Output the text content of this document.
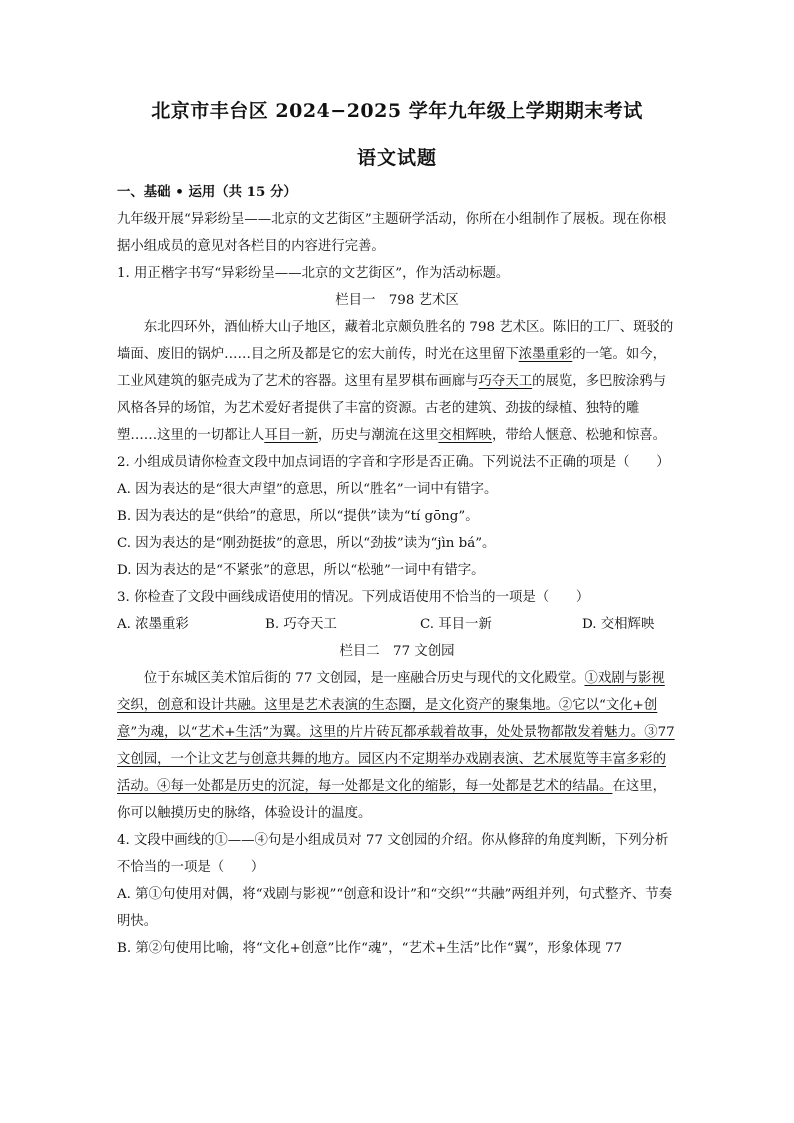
北京市丰台区 2024−2025 学年九年级上学期期末考试
语文试题

一、基础 • 运用（共 15 分）

九年级开展“异彩纷呈——北京的文艺街区”主题研学活动，你所在小组制作了展板。现在你根据小组成员的意见对各栏目的内容进行完善。

1. 用正楷字书写“异彩纷呈——北京的文艺街区”，作为活动标题。

栏目一　798 艺术区

东北四环外，酒仙桥大山子地区，藏着北京颇负胜名的 798 艺术区。陈旧的工厂、斑驳的墙面、废旧的锅炉……目之所及都是它的宏大前传，时光在这里留下浓墨重彩的一笔。如今，工业风建筑的躯壳成为了艺术的容器。这里有星罗棋布画廊与巧夺天工的展览，多巴胺涂鸦与风格各异的场馆，为艺术爱好者提供了丰富的资源。古老的建筑、劲拔的绿植、独特的雕塑……这里的一切都让人耳目一新，历史与潮流在这里交相辉映，带给人惬意、松驰和惊喜。

2. 小组成员请你检查文段中加点词语的字音和字形是否正确。下列说法不正确的项是（　　）

A. 因为表达的是“很大声望”的意思，所以“胜名”一词中有错字。

B. 因为表达的是“供给”的意思，所以“提供”读为“tí gōng”。

C. 因为表达的是“刚劲挺拔”的意思，所以“劲拔”读为“jìn bá”。

D. 因为表达的是“不紧张”的意思，所以“松驰”一词中有错字。

3. 你检查了文段中画线成语使用的情况。下列成语使用不恰当的一项是（　　）

A. 浓墨重彩	B. 巧夺天工	C. 耳目一新	D. 交相辉映

栏目二　77 文创园

位于东城区美术馆后街的 77 文创园，是一座融合历史与现代的文化殿堂。①戏剧与影视交织，创意和设计共融。这里是艺术表演的生态圈，是文化资产的聚集地。②它以“文化+创意”为魂，以“艺术+生活”为翼。这里的片片砖瓦都承载着故事，处处景物都散发着魅力。③77 文创园，一个让文艺与创意共舞的地方。园区内不定期举办戏剧表演、艺术展览等丰富多彩的活动。④每一处都是历史的沉淀，每一处都是文化的缩影，每一处都是艺术的结晶。在这里，你可以触摸历史的脉络，体验设计的温度。

4. 文段中画线的①——④句是小组成员对 77 文创园的介绍。你从修辞的角度判断，下列分析不恰当的一项是（　　）

A. 第①句使用对偶，将“戏剧与影视”“创意和设计”和“交织”“共融”两组并列，句式整齐、节奏明快。

B. 第②句使用比喻，将“文化+创意”比作“魂”，“艺术+生活”比作“翼”，形象体现 77
